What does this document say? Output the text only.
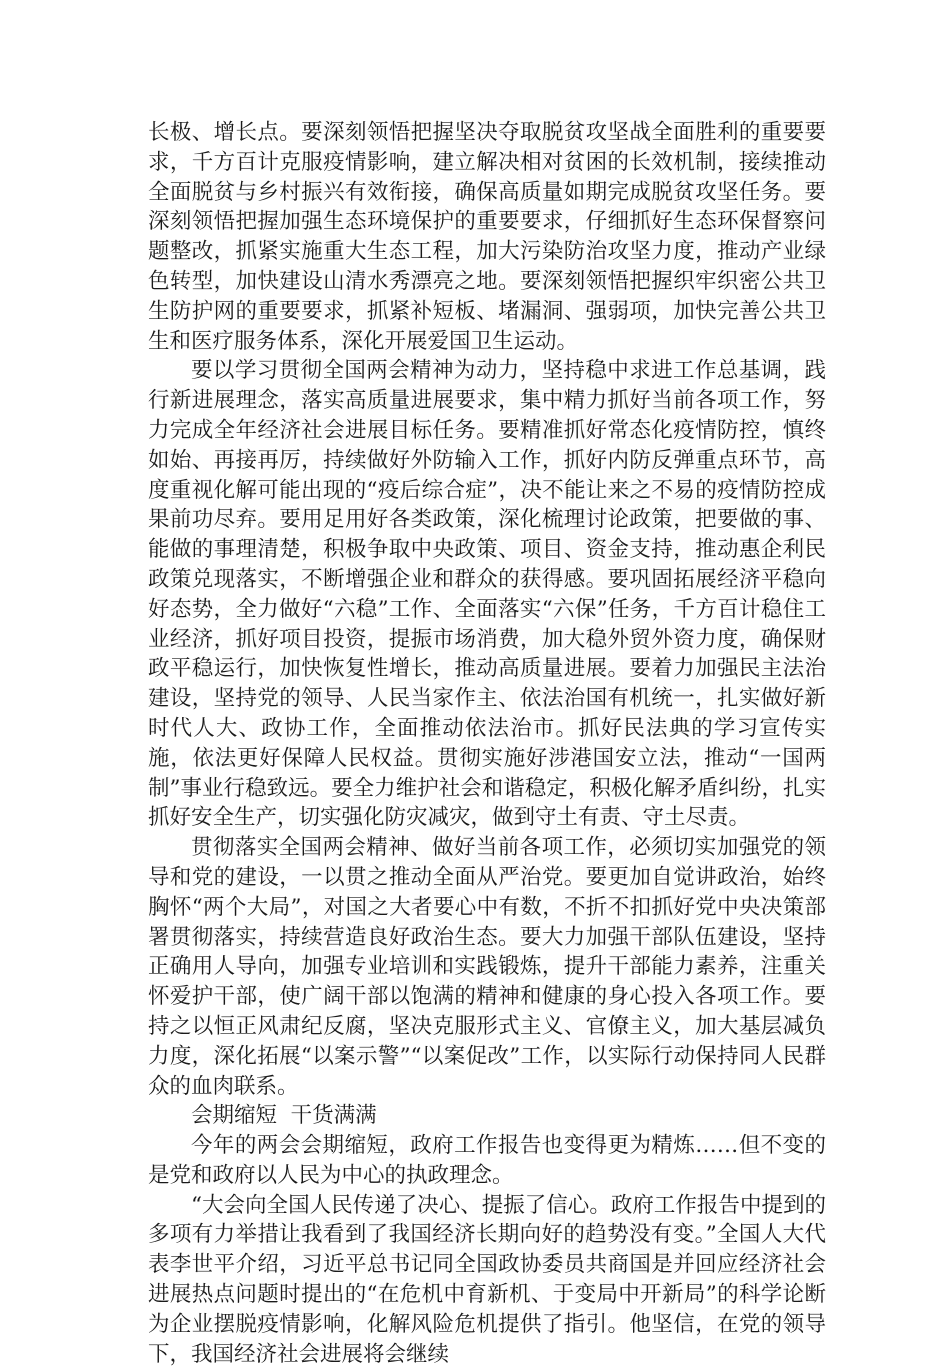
长极、增长点。要深刻领悟把握坚决夺取脱贫攻坚战全面胜利的重要要求，千方百计克服疫情影响，建立解决相对贫困的长效机制，接续推动全面脱贫与乡村振兴有效衔接，确保高质量如期完成脱贫攻坚任务。要深刻领悟把握加强生态环境保护的重要要求，仔细抓好生态环保督察问题整改，抓紧实施重大生态工程，加大污染防治攻坚力度，推动产业绿色转型，加快建设山清水秀漂亮之地。要深刻领悟把握织牢织密公共卫生防护网的重要要求，抓紧补短板、堵漏洞、强弱项，加快完善公共卫生和医疗服务体系，深化开展爱国卫生运动。

要以学习贯彻全国两会精神为动力，坚持稳中求进工作总基调，践行新进展理念，落实高质量进展要求，集中精力抓好当前各项工作，努力完成全年经济社会进展目标任务。要精准抓好常态化疫情防控，慎终如始、再接再厉，持续做好外防输入工作，抓好内防反弹重点环节，高度重视化解可能出现的“疫后综合症”，决不能让来之不易的疫情防控成果前功尽弃。要用足用好各类政策，深化梳理讨论政策，把要做的事、能做的事理清楚，积极争取中央政策、项目、资金支持，推动惠企利民政策兑现落实，不断增强企业和群众的获得感。要巩固拓展经济平稳向好态势，全力做好“六稳”工作、全面落实“六保”任务，千方百计稳住工业经济，抓好项目投资，提振市场消费，加大稳外贸外资力度，确保财政平稳运行，加快恢复性增长，推动高质量进展。要着力加强民主法治建设，坚持党的领导、人民当家作主、依法治国有机统一，扎实做好新时代人大、政协工作，全面推动依法治市。抓好民法典的学习宣传实施，依法更好保障人民权益。贯彻实施好涉港国安立法，推动“一国两制”事业行稳致远。要全力维护社会和谐稳定，积极化解矛盾纠纷，扎实抓好安全生产，切实强化防灾减灾，做到守土有责、守土尽责。

贯彻落实全国两会精神、做好当前各项工作，必须切实加强党的领导和党的建设，一以贯之推动全面从严治党。要更加自觉讲政治，始终胸怀“两个大局”，对国之大者要心中有数，不折不扣抓好党中央决策部署贯彻落实，持续营造良好政治生态。要大力加强干部队伍建设，坚持正确用人导向，加强专业培训和实践锻炼，提升干部能力素养，注重关怀爱护干部，使广阔干部以饱满的精神和健康的身心投入各项工作。要持之以恒正风肃纪反腐，坚决克服形式主义、官僚主义，加大基层减负力度，深化拓展“以案示警”“以案促改”工作，以实际行动保持同人民群众的血肉联系。

会期缩短  干货满满

今年的两会会期缩短，政府工作报告也变得更为精炼……但不变的是党和政府以人民为中心的执政理念。

“大会向全国人民传递了决心、提振了信心。政府工作报告中提到的多项有力举措让我看到了我国经济长期向好的趋势没有变。”全国人大代表李世平介绍，习近平总书记同全国政协委员共商国是并回应经济社会进展热点问题时提出的“在危机中育新机、于变局中开新局”的科学论断为企业摆脱疫情影响，化解风险危机提供了指引。他坚信，在党的领导下，我国经济社会进展将会继续
